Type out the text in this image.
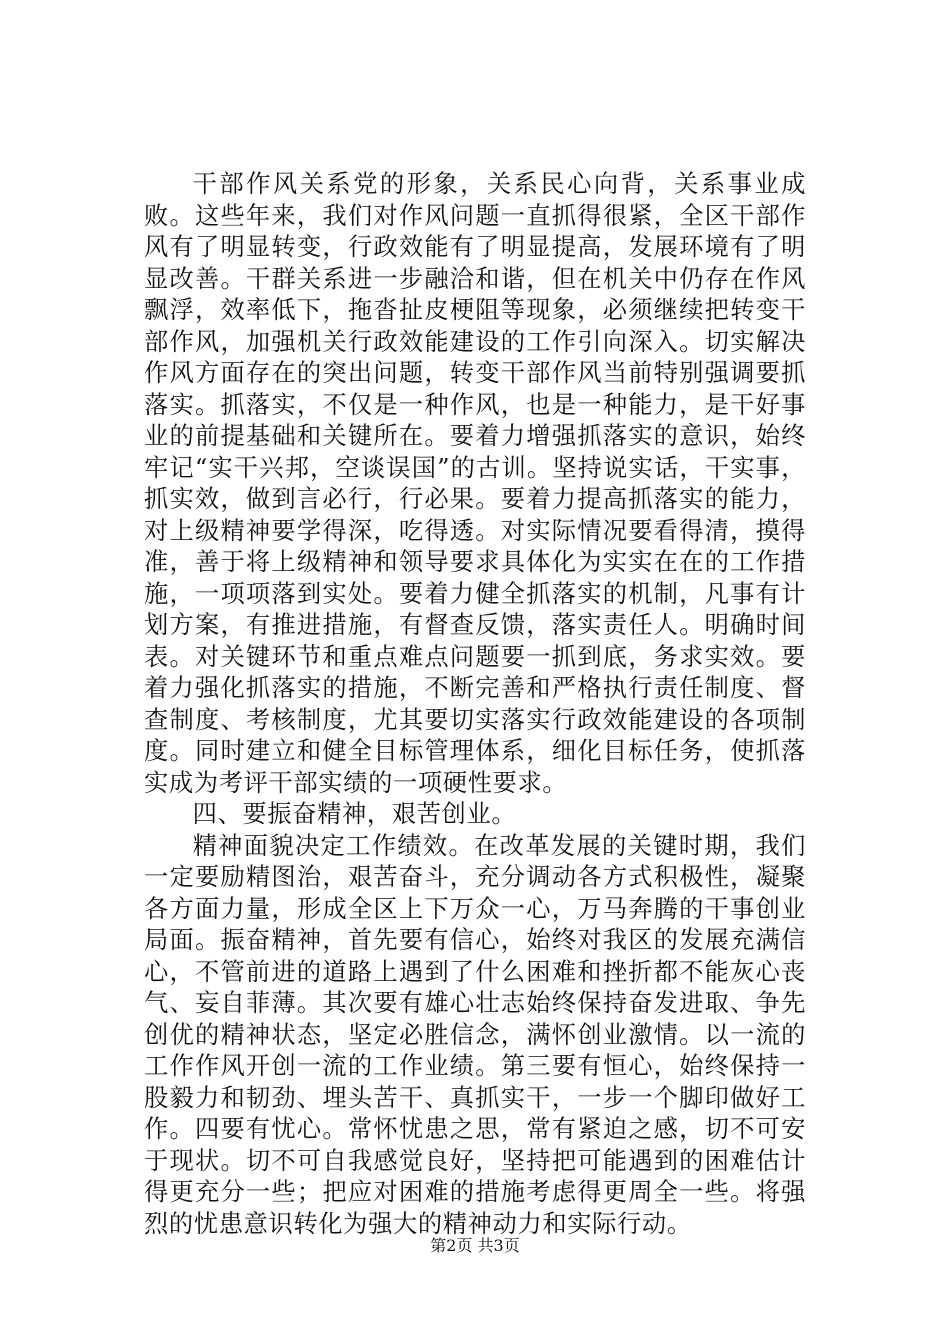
干部作风关系党的形象，关系民心向背，关系事业成败。这些年来，我们对作风问题一直抓得很紧，全区干部作风有了明显转变，行政效能有了明显提高，发展环境有了明显改善。干群关系进一步融洽和谐，但在机关中仍存在作风飘浮，效率低下，拖沓扯皮梗阻等现象，必须继续把转变干部作风，加强机关行政效能建设的工作引向深入。切实解决作风方面存在的突出问题，转变干部作风当前特别强调要抓落实。抓落实，不仅是一种作风，也是一种能力，是干好事业的前提基础和关键所在。要着力增强抓落实的意识，始终牢记“实干兴邦，空谈误国”的古训。坚持说实话，干实事，抓实效，做到言必行，行必果。要着力提高抓落实的能力，对上级精神要学得深，吃得透。对实际情况要看得清，摸得准，善于将上级精神和领导要求具体化为实实在在的工作措施，一项项落到实处。要着力健全抓落实的机制，凡事有计划方案，有推进措施，有督查反馈，落实责任人。明确时间表。对关键环节和重点难点问题要一抓到底，务求实效。要着力强化抓落实的措施，不断完善和严格执行责任制度、督查制度、考核制度，尤其要切实落实行政效能建设的各项制度。同时建立和健全目标管理体系，细化目标任务，使抓落实成为考评干部实绩的一项硬性要求。

四、要振奋精神，艰苦创业。

精神面貌决定工作绩效。在改革发展的关键时期，我们一定要励精图治，艰苦奋斗，充分调动各方式积极性，凝聚各方面力量，形成全区上下万众一心，万马奔腾的干事创业局面。振奋精神，首先要有信心，始终对我区的发展充满信心，不管前进的道路上遇到了什么困难和挫折都不能灰心丧气、妄自菲薄。其次要有雄心壮志始终保持奋发进取、争先创优的精神状态，坚定必胜信念，满怀创业激情。以一流的工作作风开创一流的工作业绩。第三要有恒心，始终保持一股毅力和韧劲、埋头苦干、真抓实干，一步一个脚印做好工作。四要有忧心。常怀忧患之思，常有紧迫之感，切不可安于现状。切不可自我感觉良好，坚持把可能遇到的困难估计得更充分一些；把应对困难的措施考虑得更周全一些。将强烈的忧患意识转化为强大的精神动力和实际行动。

第2页 共3页
